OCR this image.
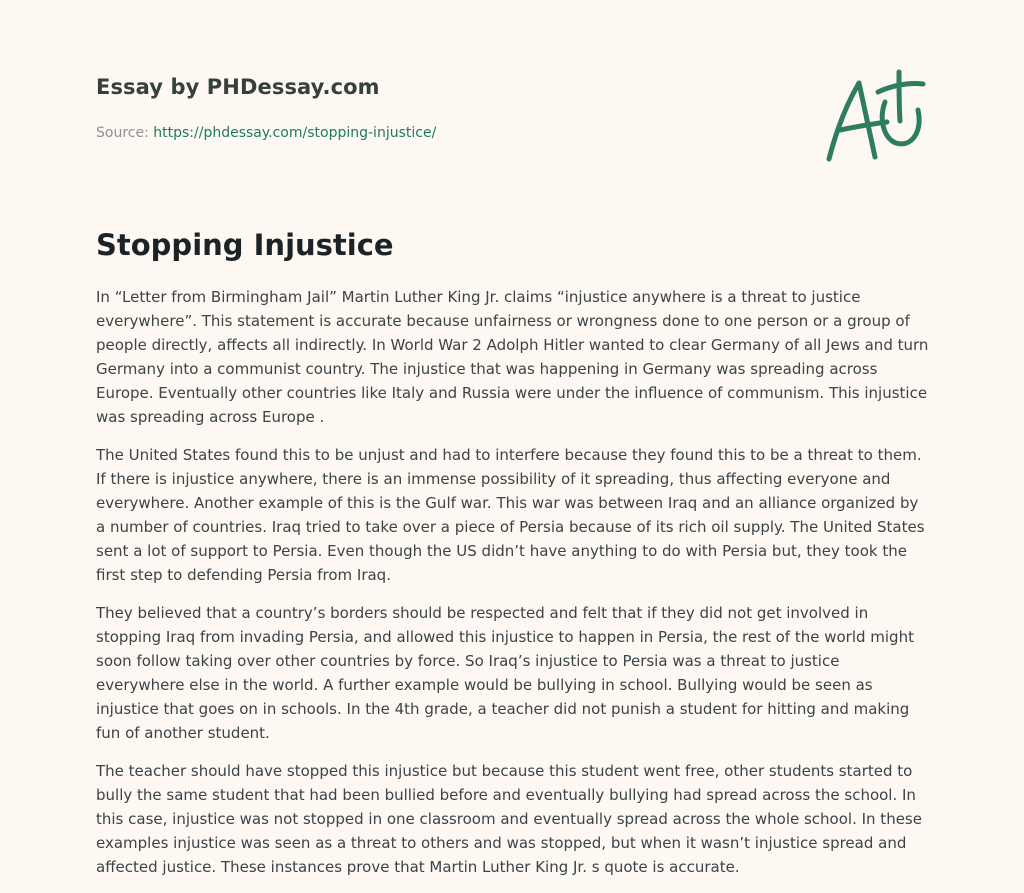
Essay by PHDessay.com
Source: https://phdessay.com/stopping-injustice/
Stopping Injustice

In “Letter from Birmingham Jail” Martin Luther King Jr. claims “injustice anywhere is a threat to justice everywhere”. This statement is accurate because unfairness or wrongness done to one person or a group of people directly, affects all indirectly. In World War 2 Adolph Hitler wanted to clear Germany of all Jews and turn Germany into a communist country. The injustice that was happening in Germany was spreading across Europe. Eventually other countries like Italy and Russia were under the influence of communism. This injustice was spreading across Europe .

The United States found this to be unjust and had to interfere because they found this to be a threat to them. If there is injustice anywhere, there is an immense possibility of it spreading, thus affecting everyone and everywhere. Another example of this is the Gulf war. This war was between Iraq and an alliance organized by a number of countries. Iraq tried to take over a piece of Persia because of its rich oil supply. The United States sent a lot of support to Persia. Even though the US didn’t have anything to do with Persia but, they took the first step to defending Persia from Iraq.

They believed that a country’s borders should be respected and felt that if they did not get involved in stopping Iraq from invading Persia, and allowed this injustice to happen in Persia, the rest of the world might soon follow taking over other countries by force. So Iraq’s injustice to Persia was a threat to justice everywhere else in the world. A further example would be bullying in school. Bullying would be seen as injustice that goes on in schools. In the 4th grade, a teacher did not punish a student for hitting and making fun of another student.

The teacher should have stopped this injustice but because this student went free, other students started to bully the same student that had been bullied before and eventually bullying had spread across the school. In this case, injustice was not stopped in one classroom and eventually spread across the whole school. In these examples injustice was seen as a threat to others and was stopped, but when it wasn’t injustice spread and affected justice. These instances prove that Martin Luther King Jr. s quote is accurate.
